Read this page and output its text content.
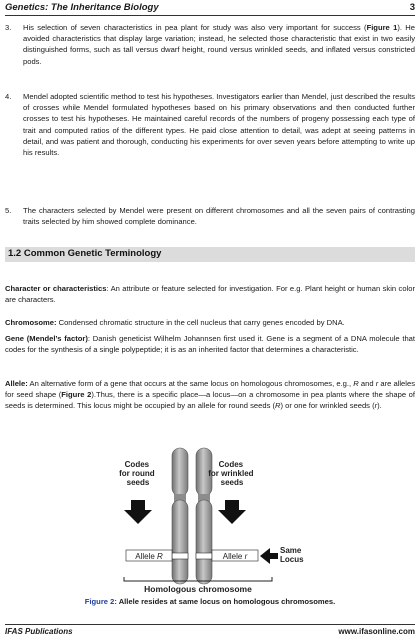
Genetics: The Inheritance Biology	3
3.	His selection of seven characteristics in pea plant for study was also very important for success (Figure 1). He avoided characteristics that display large variation; instead, he selected those characteristic that exist in two easily distinguished forms, such as tall versus dwarf height, round versus wrinkled seeds, and inflated versus constricted pods.
4.	Mendel adopted scientific method to test his hypotheses. Investigators earlier than Mendel, just described the results of crosses while Mendel formulated hypotheses based on his primary observations and then conducted further crosses to test his hypotheses. He maintained careful records of the numbers of progeny possessing each type of trait and computed ratios of the different types. He paid close attention to detail, was adept at seeing patterns in detail, and was patient and thorough, conducting his experiments for over seven years before attempting to write up his results.
5.	The characters selected by Mendel were present on different chromosomes and all the seven pairs of contrasting traits selected by him showed complete dominance.
1.2 Common Genetic Terminology
Character or characteristics: An attribute or feature selected for investigation. For e.g. Plant height or human skin color are characters.
Chromosome: Condensed chromatic structure in the cell nucleus that carry genes encoded by DNA.
Gene (Mendel’s factor): Danish geneticist Wilhelm Johannsen first used it. Gene is a segment of a DNA molecule that codes for the synthesis of a single polypeptide; it is as an inherited factor that determines a characteristic.
Allele: An alternative form of a gene that occurs at the same locus on homologous chromosomes, e.g., R and r are alleles for seed shape (Figure 2).Thus, there is a specific place—a locus—on a chromosome in pea plants where the shape of seeds is determined. This locus might be occupied by an allele for round seeds (R) or one for wrinkled seeds (r).
Codes for round seeds
Codes for wrinkled seeds
Allele R	Allele r
Same Locus
Homologous chromosome
Figure 2: Allele resides at same locus on homologous chromosomes.
IFAS Publications	www.ifasonline.com
